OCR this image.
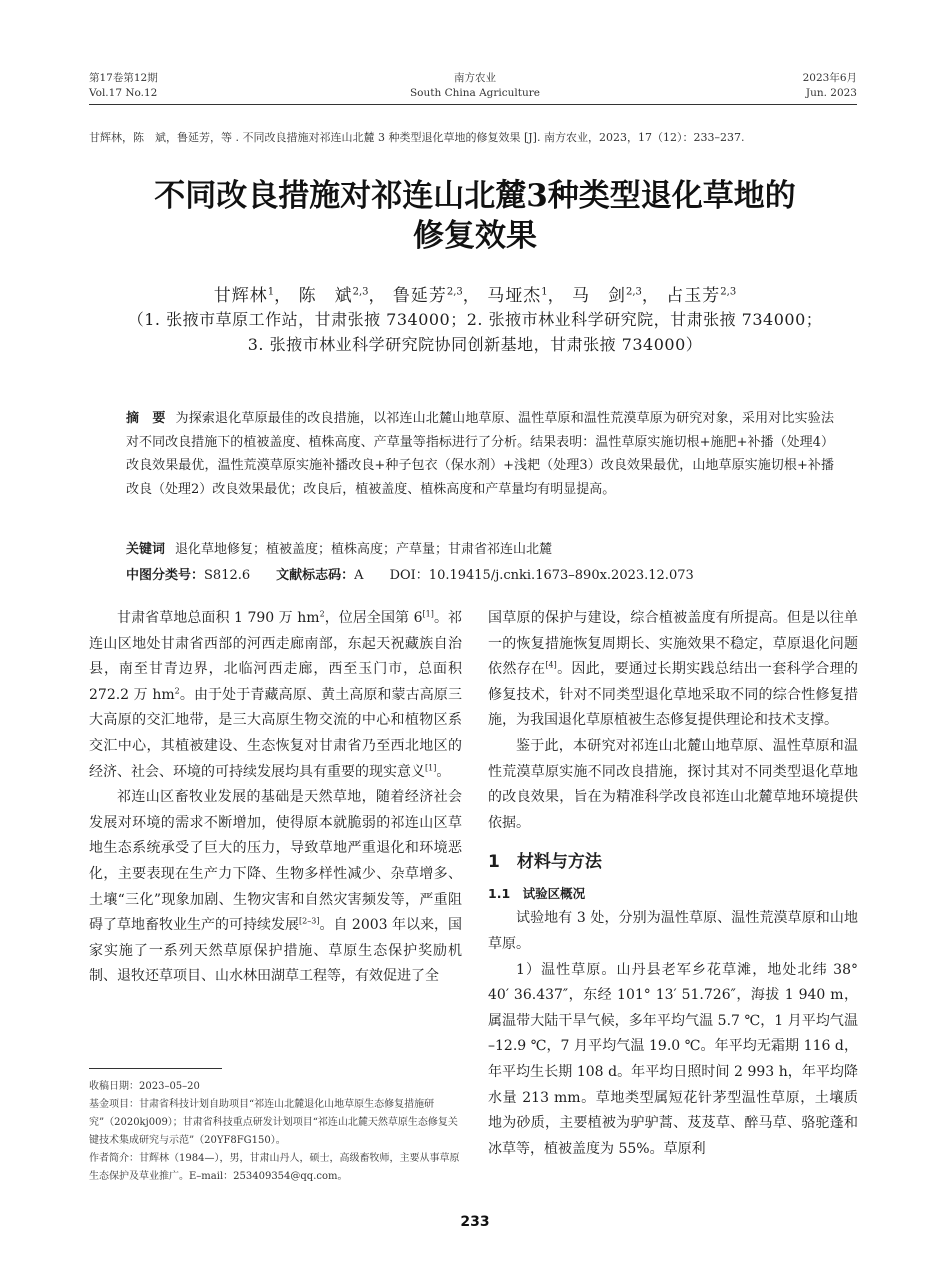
第17卷第12期
Vol.17 No.12
南方农业
South China Agriculture
2023年6月
Jun. 2023
甘辉林，陈　斌，鲁延芳，等 . 不同改良措施对祁连山北麓 3 种类型退化草地的修复效果 [J]. 南方农业，2023，17（12）：233–237.
不同改良措施对祁连山北麓3种类型退化草地的
修复效果
甘辉林$^1$， 陈　斌$^{2,3}$， 鲁延芳$^{2,3}$， 马垭杰$^1$， 马　剑$^{2,3}$， 占玉芳$^{2,3}$
（1. 张掖市草原工作站，甘肃张掖 734000；2. 张掖市林业科学研究院，甘肃张掖 734000；
3. 张掖市林业科学研究院协同创新基地，甘肃张掖 734000）
摘　要 为探索退化草原最佳的改良措施，以祁连山北麓山地草原、温性草原和温性荒漠草原为研究对象，采用对比实验法对不同改良措施下的植被盖度、植株高度、产草量等指标进行了分析。结果表明：温性草原实施切根+施肥+补播（处理4）改良效果最优，温性荒漠草原实施补播改良+种子包衣（保水剂）+浅耙（处理3）改良效果最优，山地草原实施切根+补播改良（处理2）改良效果最优；改良后，植被盖度、植株高度和产草量均有明显提高。
关键词 退化草地修复；植被盖度；植株高度；产草量；甘肃省祁连山北麓
中图分类号：S812.6　　 文献标志码：A　　 DOI：10.19415/j.cnki.1673–890x.2023.12.073

甘肃省草地总面积 1 790 万 $hm^2$，位居全国第 6[1]。祁连山区地处甘肃省西部的河西走廊南部，东起天祝藏族自治县，南至甘青边界，北临河西走廊，西至玉门市，总面积 272.2 万 $hm^2$。由于处于青藏高原、黄土高原和蒙古高原三大高原的交汇地带，是三大高原生物交流的中心和植物区系交汇中心，其植被建设、生态恢复对甘肃省乃至西北地区的经济、社会、环境的可持续发展均具有重要的现实意义[1]。

祁连山区畜牧业发展的基础是天然草地，随着经济社会发展对环境的需求不断增加，使得原本就脆弱的祁连山区草地生态系统承受了巨大的压力，导致草地严重退化和环境恶化，主要表现在生产力下降、生物多样性减少、杂草增多、土壤“三化”现象加剧、生物灾害和自然灾害频发等，严重阻碍了草地畜牧业生产的可持续发展[2–3]。自 2003 年以来，国家实施了一系列天然草原保护措施、草原生态保护奖励机制、退牧还草项目、山水林田湖草工程等，有效促进了全

国草原的保护与建设，综合植被盖度有所提高。但是以往单一的恢复措施恢复周期长、实施效果不稳定，草原退化问题依然存在[4]。因此，要通过长期实践总结出一套科学合理的修复技术，针对不同类型退化草地采取不同的综合性修复措施，为我国退化草原植被生态修复提供理论和技术支撑。

鉴于此，本研究对祁连山北麓山地草原、温性草原和温性荒漠草原实施不同改良措施，探讨其对不同类型退化草地的改良效果，旨在为精准科学改良祁连山北麓草地环境提供依据。

1　材料与方法
1.1　试验区概况

试验地有 3 处，分别为温性草原、温性荒漠草原和山地草原。

1）温性草原。山丹县老军乡花草滩，地处北纬 38° 40′ 36.437″，东经 101° 13′ 51.726″，海拔 1 940 m，属温带大陆干旱气候，多年平均气温 5.7 ℃，1 月平均气温 –12.9 ℃，7 月平均气温 19.0 ℃。年平均无霜期 116 d，年平均生长期 108 d。年平均日照时间 2 993 h，年平均降水量 213 mm。草地类型属短花针茅型温性草原，土壤质地为砂质，主要植被为驴驴蒿、芨芨草、醉马草、骆驼蓬和冰草等，植被盖度为 55%。草原利

收稿日期：2023–05–20

基金项目：甘肃省科技计划自助项目“祁连山北麓退化山地草原生态修复措施研究”（2020kj009）；甘肃省科技重点研发计划项目“祁连山北麓天然草原生态修复关键技术集成研究与示范”（20YF8FG150）。

作者简介：甘辉林（1984—），男，甘肃山丹人，硕士，高级畜牧师，主要从事草原生态保护及草业推广。E–mail：253409354@qq.com。

233
